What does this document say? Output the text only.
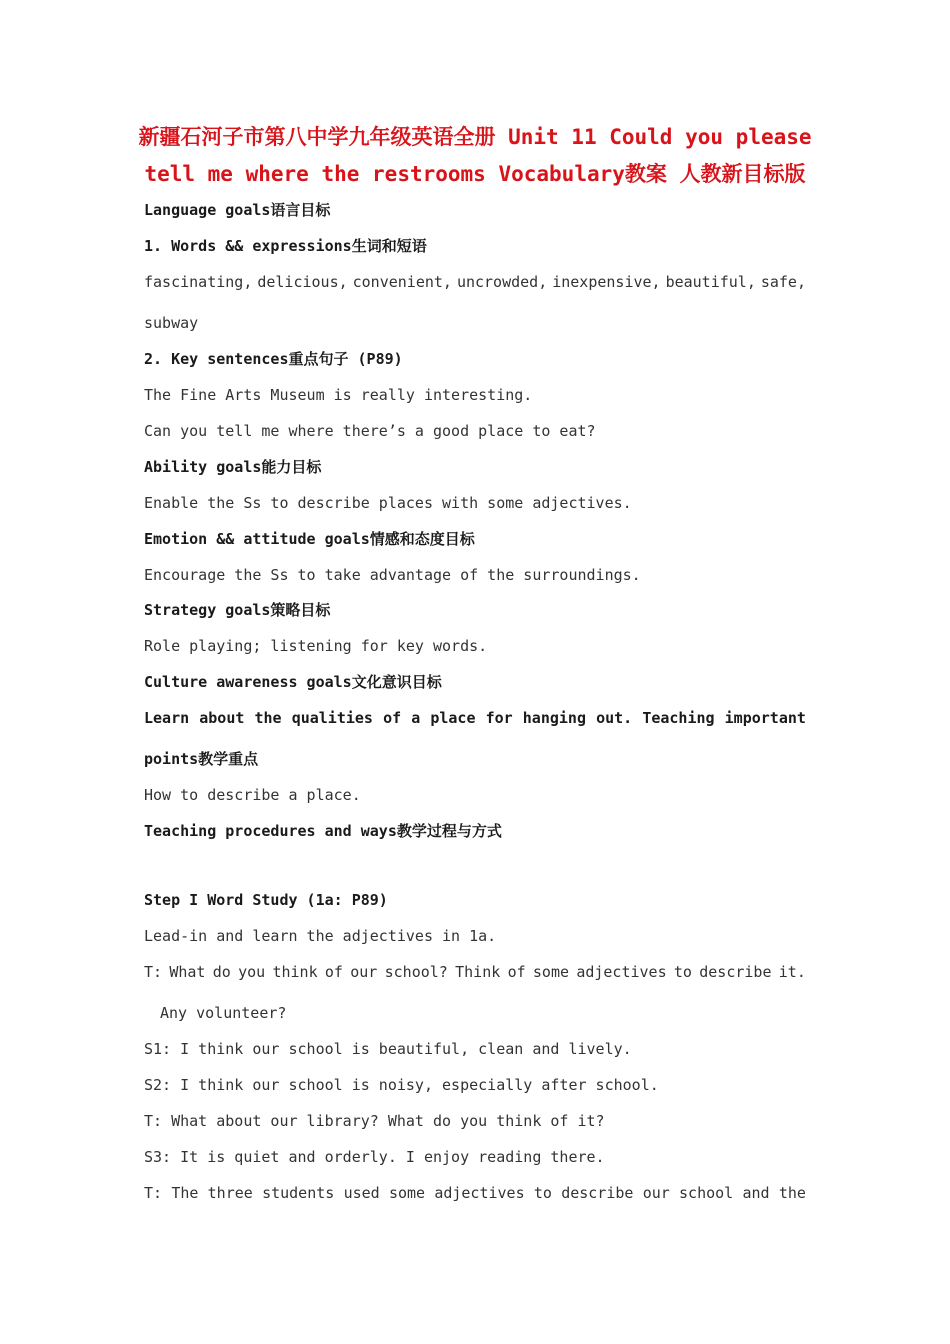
新疆石河子市第八中学九年级英语全册 Unit 11 Could you please
tell me where the restrooms Vocabulary教案 人教新目标版
Language goals语言目标
1. Words && expressions生词和短语
fascinating, delicious, convenient, uncrowded, inexpensive, beautiful, safe,
subway
2. Key sentences重点句子 (P89)
The Fine Arts Museum is really interesting.
Can you tell me where there’s a good place to eat?
Ability goals能力目标
Enable the Ss to describe places with some adjectives.
Emotion && attitude goals情感和态度目标
Encourage the Ss to take advantage of the surroundings.
Strategy goals策略目标
Role playing; listening for key words.
Culture awareness goals文化意识目标
Learn about the qualities of a place for hanging out. Teaching important
points教学重点
How to describe a place.
Teaching procedures and ways教学过程与方式
Step I Word Study (1a: P89)
Lead-in and learn the adjectives in 1a.
T: What do you think of our school? Think of some adjectives to describe it.
Any volunteer?
S1: I think our school is beautiful, clean and lively.
S2: I think our school is noisy, especially after school.
T: What about our library? What do you think of it?
S3: It is quiet and orderly. I enjoy reading there.
T: The three students used some adjectives to describe our school and the
